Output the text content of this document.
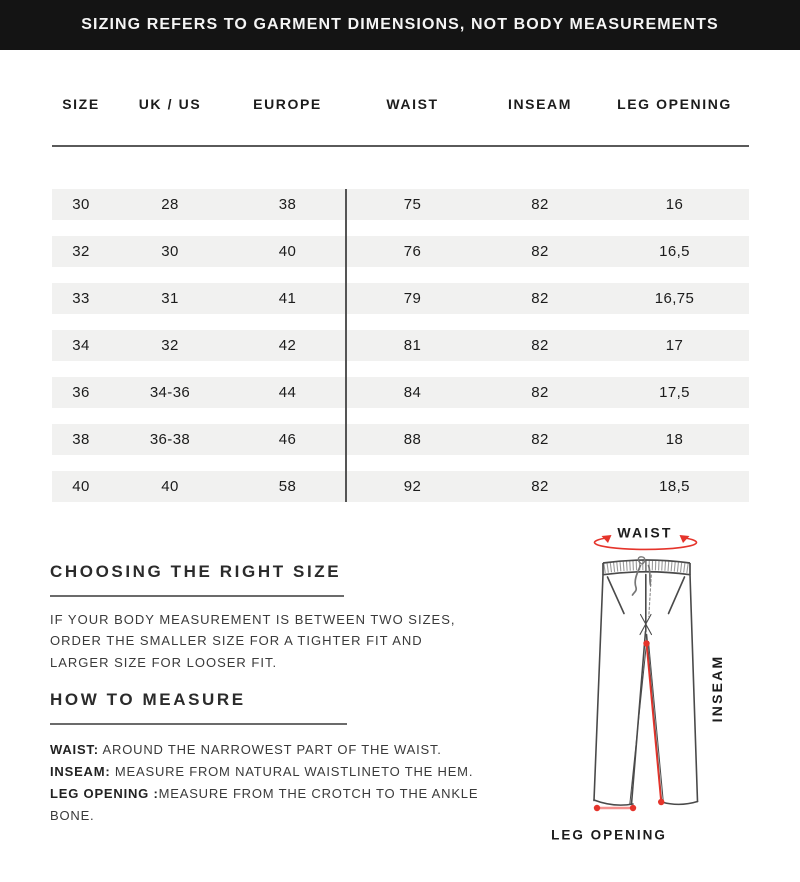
SIZING REFERS TO GARMENT DIMENSIONS, NOT BODY MEASUREMENTS
SIZE	UK / US	EUROPE	WAIST	INSEAM	LEG OPENING
30	28	38	75	82	16
32	30	40	76	82	16,5
33	31	41	79	82	16,75
34	32	42	81	82	17
36	34-36	44	84	82	17,5
38	36-38	46	88	82	18
40	40	58	92	82	18,5
CHOOSING THE RIGHT SIZE
IF YOUR BODY MEASUREMENT IS BETWEEN TWO SIZES,
ORDER THE SMALLER SIZE FOR A TIGHTER FIT AND
LARGER SIZE FOR LOOSER FIT.
HOW TO MEASURE
WAIST: AROUND THE NARROWEST PART OF THE WAIST.
INSEAM: MEASURE FROM NATURAL WAISTLINETO THE HEM.
LEG OPENING :MEASURE FROM THE CROTCH TO THE ANKLE BONE.
WAIST
INSEAM
LEG OPENING
